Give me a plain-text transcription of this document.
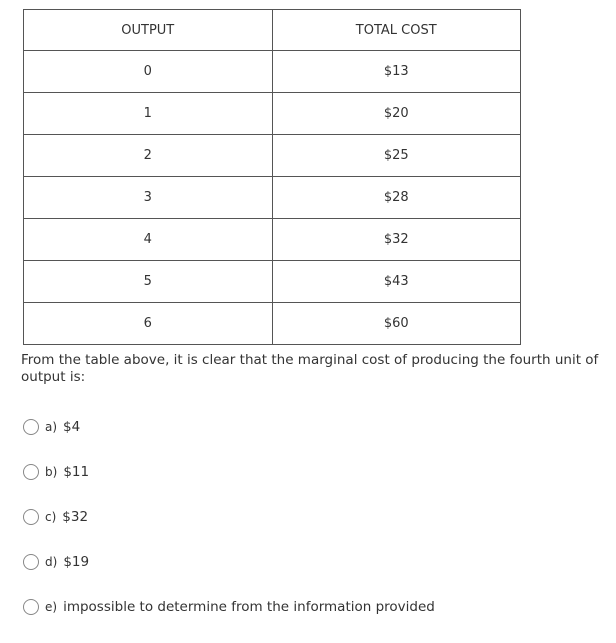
OUTPUT	TOTAL COST
0	$13
1	$20
2	$25
3	$28
4	$32
5	$43
6	$60

From the table above, it is clear that the marginal cost of producing the fourth unit of output is:

a) $4
b) $11
c) $32
d) $19
e) impossible to determine from the information provided
